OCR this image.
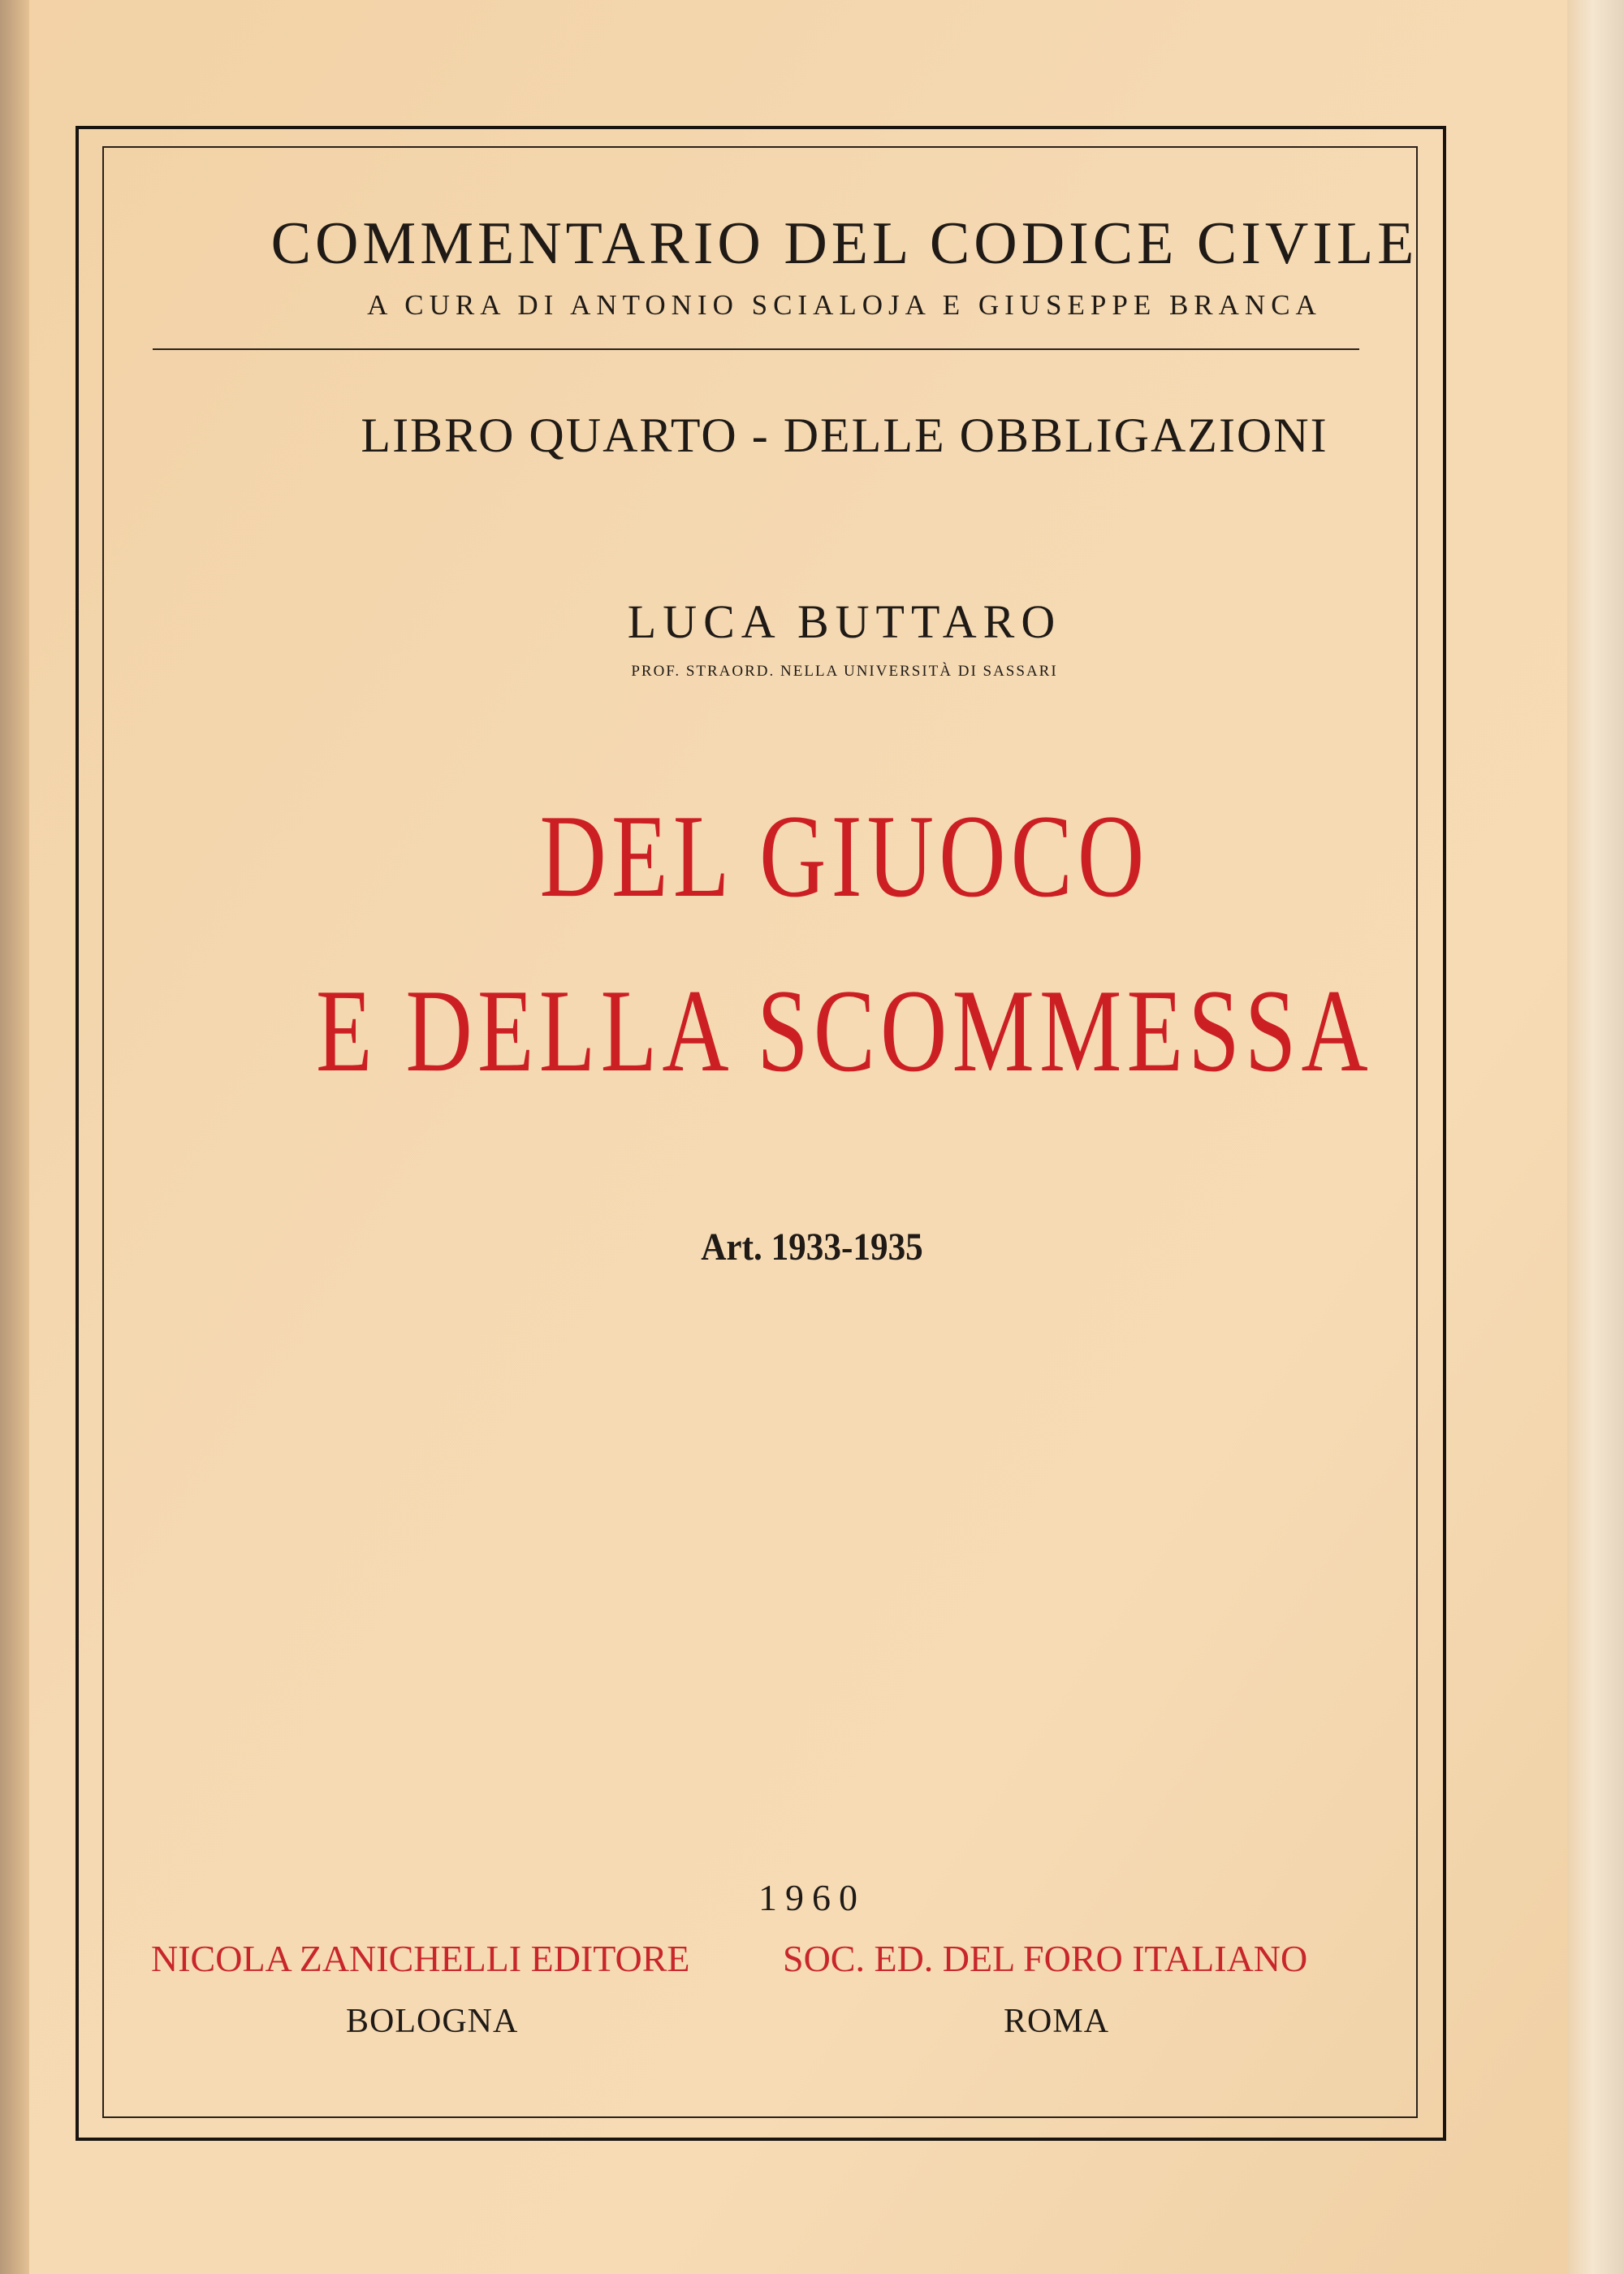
COMMENTARIO DEL CODICE CIVILE
A CURA DI ANTONIO SCIALOJA E GIUSEPPE BRANCA
LIBRO QUARTO - DELLE OBBLIGAZIONI
LUCA BUTTARO
PROF. STRAORD. NELLA UNIVERSITÀ DI SASSARI
DEL GIUOCO
E DELLA SCOMMESSA
Art. 1933-1935
1960
NICOLA ZANICHELLI EDITORE SOC. ED. DEL FORO ITALIANO
BOLOGNA	ROMA
